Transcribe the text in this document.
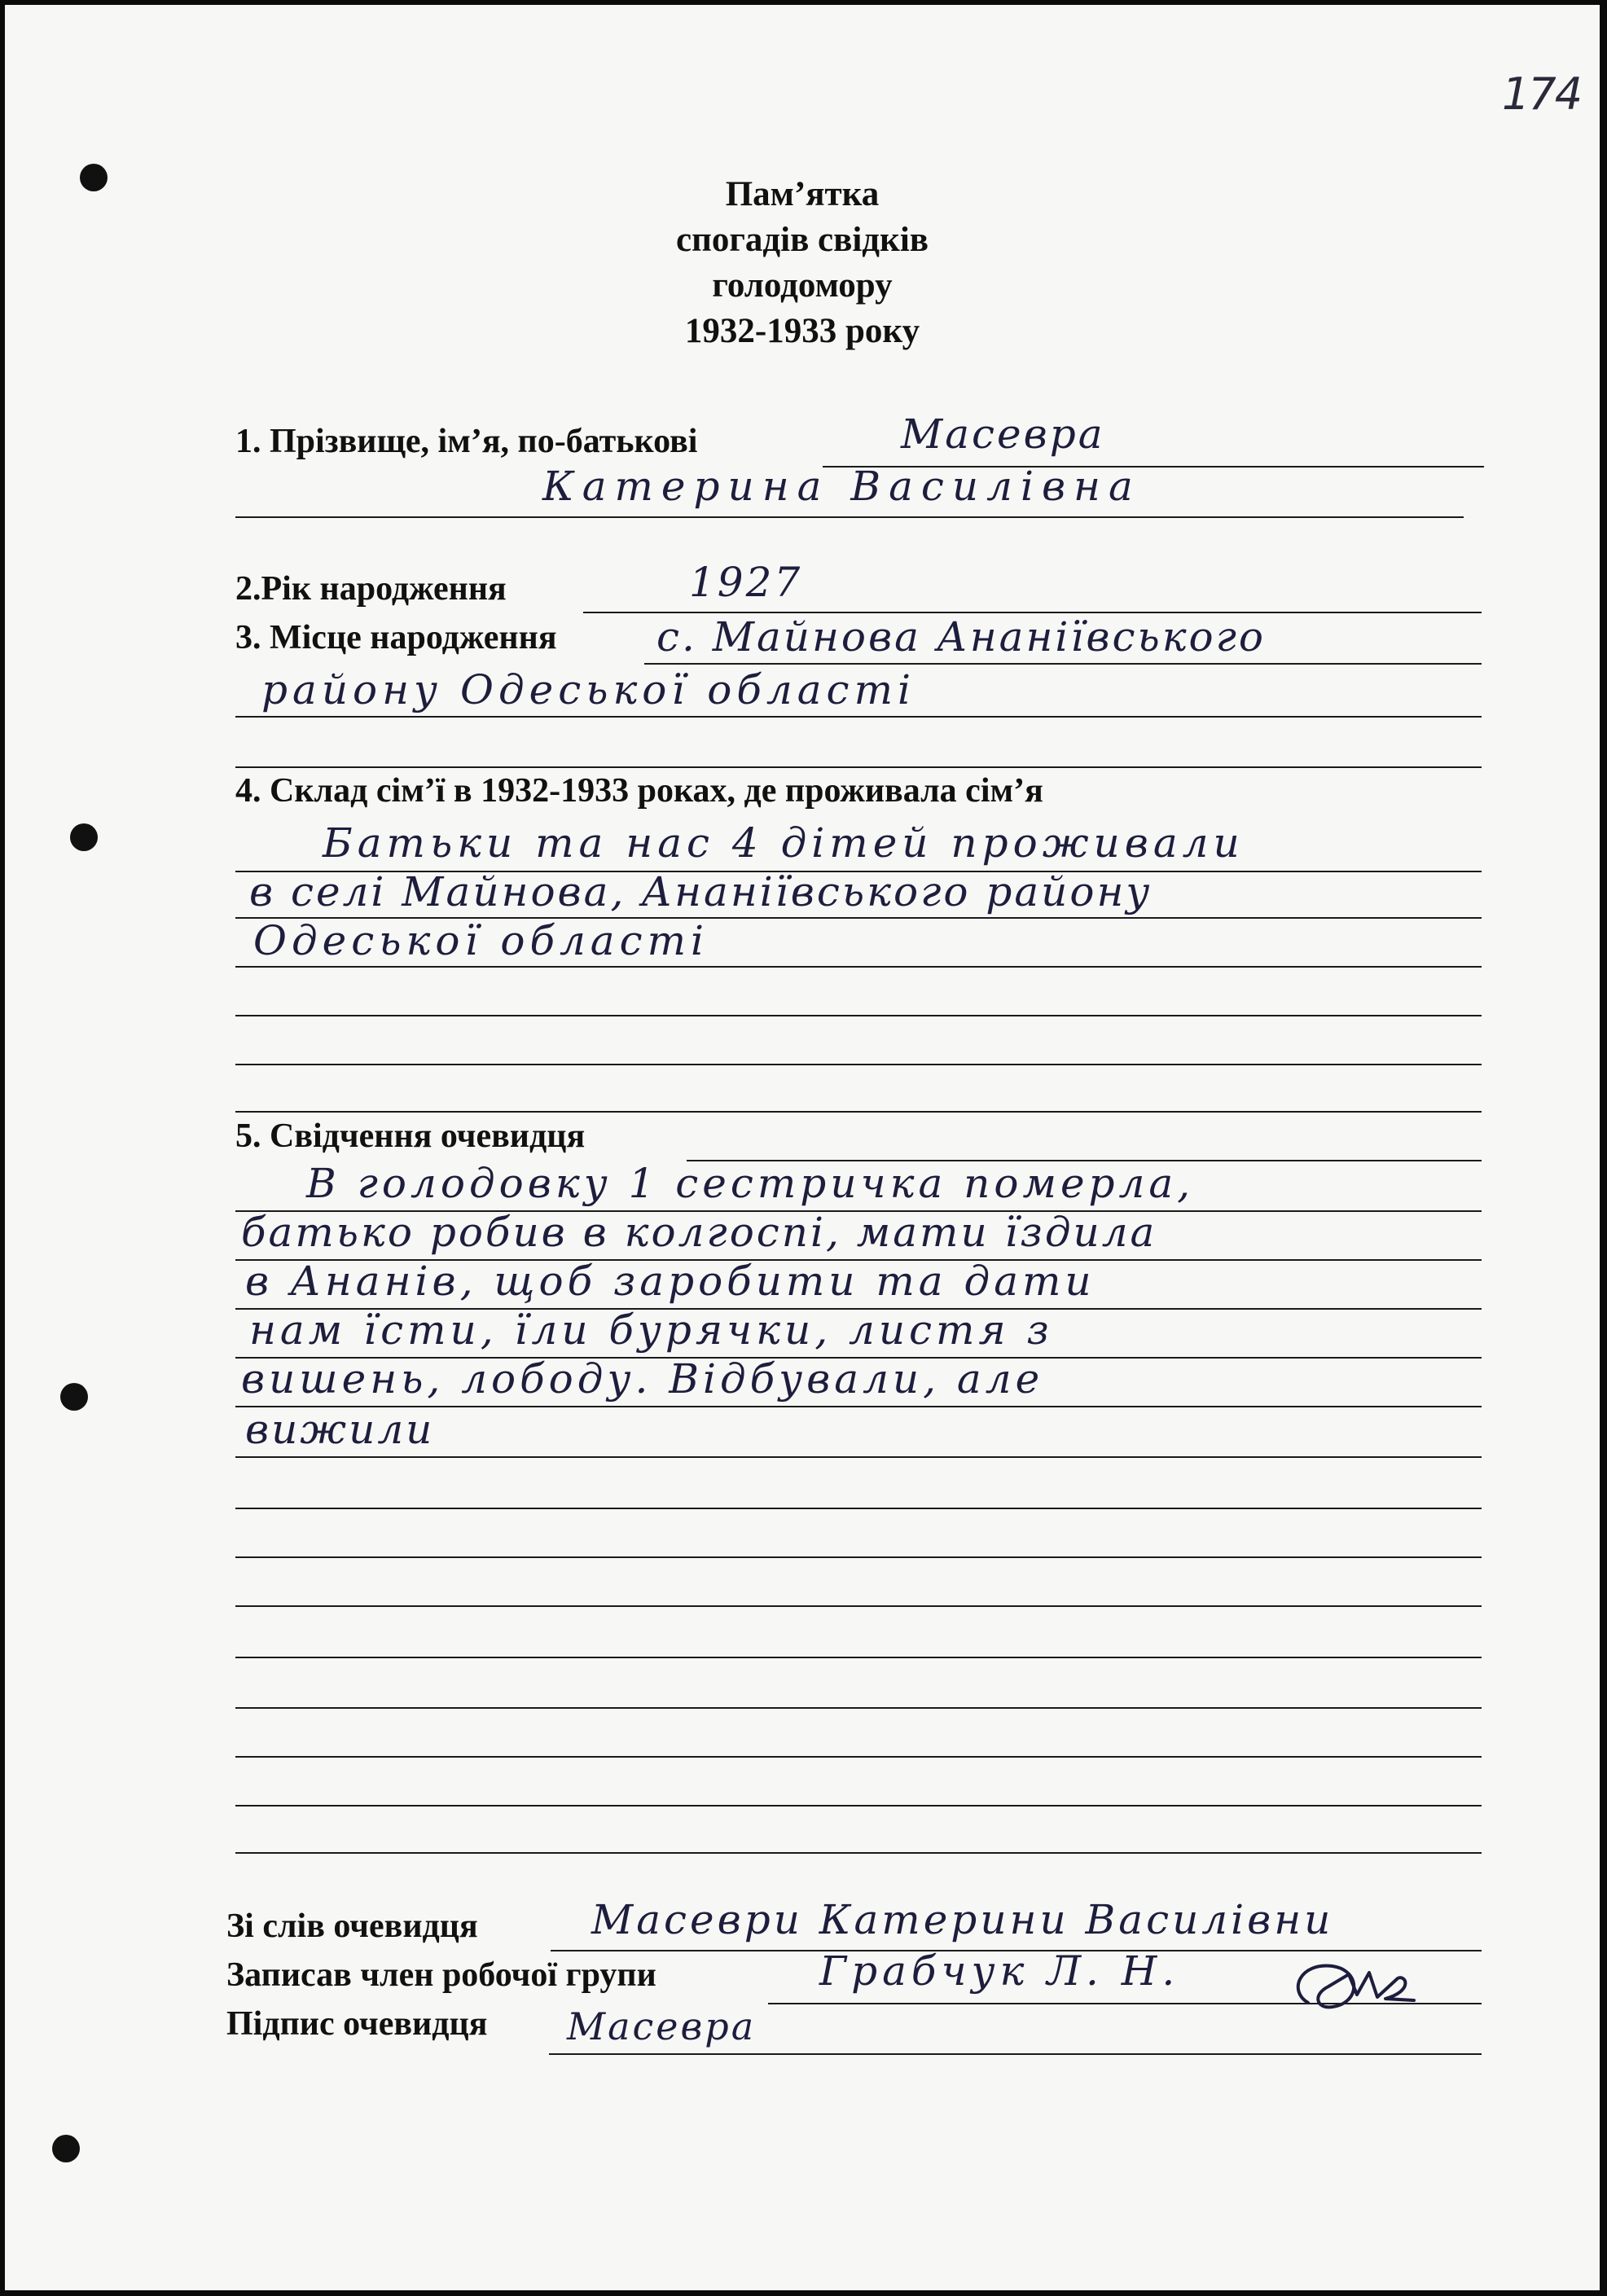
174
Пам’ятка
спогадів свідків
голодомору
1932-1933 року
1. Прізвище, ім’я, по-батькові	Масевра
Катерина Василівна
2.Рік народження	1927
3. Місце народження с. Майнова Ананіївського
району Одеської області
4. Склад сім’ї в 1932-1933 роках, де проживала сім’я
Батьки та нас 4 дітей проживали
в селі Майнова, Ананіївського району
Одеської області
5. Свідчення очевидця
В голодовку 1 сестричка померла,
батько робив в колгоспі, мати їздила
в Ананів, щоб заробити та дати
нам їсти, їли бурячки, листя з
вишень, лободу. Відбували, але
вижили
Зі слів очевидця	Масеври Катерини Василівни
Записав член робочої групи	Грабчук Л. Н.
Підпис очевидця Масевра
